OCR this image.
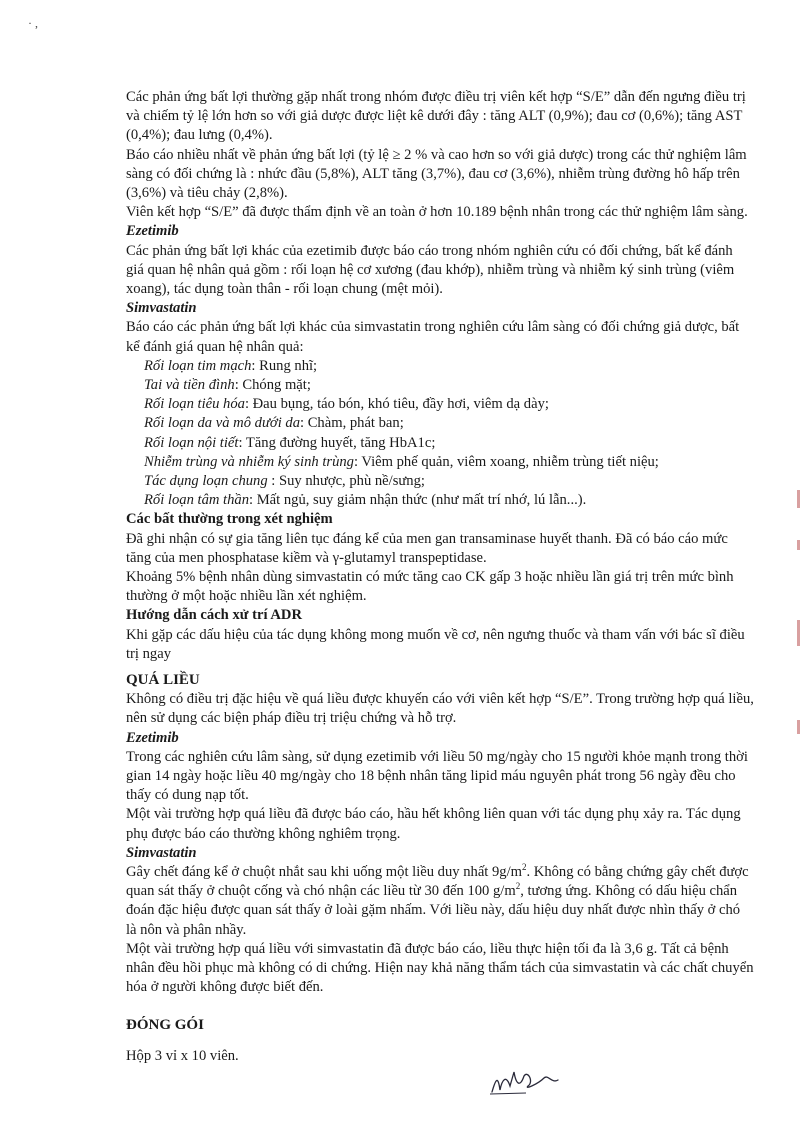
· ,

Các phản ứng bất lợi thường gặp nhất trong nhóm được điều trị viên kết hợp “S/E” dẫn đến ngưng điều trị và chiếm tỷ lệ lớn hơn so với giả dược được liệt kê dưới đây : tăng ALT (0,9%); đau cơ (0,6%); tăng AST (0,4%); đau lưng (0,4%).

Báo cáo nhiều nhất về phản ứng bất lợi (tỷ lệ ≥ 2 % và cao hơn so với giả dược) trong các thử nghiệm lâm sàng có đối chứng là : nhức đầu (5,8%), ALT tăng (3,7%), đau cơ (3,6%), nhiễm trùng đường hô hấp trên (3,6%) và tiêu chảy (2,8%).

Viên kết hợp “S/E” đã được thẩm định về an toàn ở hơn 10.189 bệnh nhân trong các thử nghiệm lâm sàng.

Ezetimib

Các phản ứng bất lợi khác của ezetimib được báo cáo trong nhóm nghiên cứu có đối chứng, bất kể đánh giá quan hệ nhân quả gồm : rối loạn hệ cơ xương (đau khớp), nhiễm trùng và nhiễm ký sinh trùng (viêm xoang), tác dụng toàn thân - rối loạn chung (mệt mỏi).

Simvastatin

Báo cáo các phản ứng bất lợi khác của simvastatin trong nghiên cứu lâm sàng có đối chứng giả dược, bất kể đánh giá quan hệ nhân quả:

Rối loạn tim mạch: Rung nhĩ;

Tai và tiền đình: Chóng mặt;

Rối loạn tiêu hóa: Đau bụng, táo bón, khó tiêu, đầy hơi, viêm dạ dày;

Rối loạn da và mô dưới da: Chàm, phát ban;

Rối loạn nội tiết: Tăng đường huyết, tăng HbA1c;

Nhiễm trùng và nhiễm ký sinh trùng: Viêm phế quản, viêm xoang, nhiễm trùng tiết niệu;

Tác dụng loạn chung : Suy nhược, phù nề/sưng;

Rối loạn tâm thần: Mất ngủ, suy giảm nhận thức (như mất trí nhớ, lú lẫn...).

Các bất thường trong xét nghiệm

Đã ghi nhận có sự gia tăng liên tục đáng kể của men gan transaminase huyết thanh. Đã có báo cáo mức tăng của men phosphatase kiềm và γ-glutamyl transpeptidase.

Khoảng 5% bệnh nhân dùng simvastatin có mức tăng cao CK gấp 3 hoặc nhiều lần giá trị trên mức bình thường ở một hoặc nhiều lần xét nghiệm.

Hướng dẫn cách xử trí ADR

Khi gặp các dấu hiệu của tác dụng không mong muốn về cơ, nên ngưng thuốc và tham vấn với bác sĩ điều trị ngay

QUÁ LIỀU

Không có điều trị đặc hiệu về quá liều được khuyến cáo với viên kết hợp “S/E”. Trong trường hợp quá liều, nên sử dụng các biện pháp điều trị triệu chứng và hỗ trợ.

Ezetimib

Trong các nghiên cứu lâm sàng, sử dụng ezetimib với liều 50 mg/ngày cho 15 người khỏe mạnh trong thời gian 14 ngày hoặc liều 40 mg/ngày cho 18 bệnh nhân tăng lipid máu nguyên phát trong 56 ngày đều cho thấy có dung nạp tốt.

Một vài trường hợp quá liều đã được báo cáo, hầu hết không liên quan với tác dụng phụ xảy ra. Tác dụng phụ được báo cáo thường không nghiêm trọng.

Simvastatin

Gây chết đáng kể ở chuột nhắt sau khi uống một liều duy nhất $9g/m^2$. Không có bằng chứng gây chết được quan sát thấy ở chuột cống và chó nhận các liều từ 30 đến 100 $g/m^2$, tương ứng. Không có dấu hiệu chẩn đoán đặc hiệu được quan sát thấy ở loài gặm nhấm. Với liều này, dấu hiệu duy nhất được nhìn thấy ở chó là nôn và phân nhầy.

Một vài trường hợp quá liều với simvastatin đã được báo cáo, liều thực hiện tối đa là 3,6 g. Tất cả bệnh nhân đều hồi phục mà không có di chứng. Hiện nay khả năng thẩm tách của simvastatin và các chất chuyển hóa ở người không được biết đến.

ĐÓNG GÓI

Hộp 3 vỉ x 10 viên.
